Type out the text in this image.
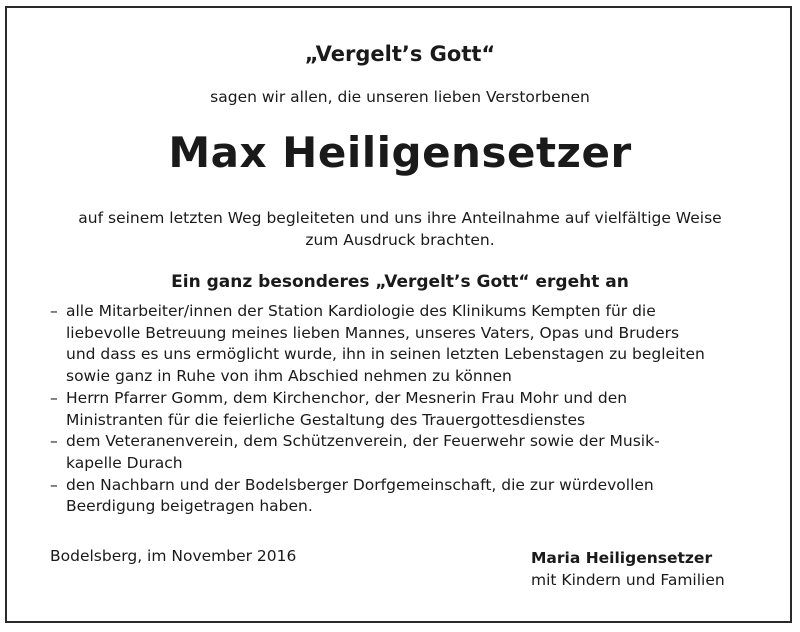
„Vergelt’s Gott“
sagen wir allen, die unseren lieben Verstorbenen
Max Heiligensetzer
auf seinem letzten Weg begleiteten und uns ihre Anteilnahme auf vielfältige Weise
zum Ausdruck brachten.
Ein ganz besonderes „Vergelt’s Gott“ ergeht an
– alle Mitarbeiter/innen der Station Kardiologie des Klinikums Kempten für die
liebevolle Betreuung meines lieben Mannes, unseres Vaters, Opas und Bruders
und dass es uns ermöglicht wurde, ihn in seinen letzten Lebenstagen zu begleiten
sowie ganz in Ruhe von ihm Abschied nehmen zu können
– Herrn Pfarrer Gomm, dem Kirchenchor, der Mesnerin Frau Mohr und den
Ministranten für die feierliche Gestaltung des Trauergottesdienstes
– dem Veteranenverein, dem Schützenverein, der Feuerwehr sowie der Musik-
kapelle Durach
– den Nachbarn und der Bodelsberger Dorfgemeinschaft, die zur würdevollen
Beerdigung beigetragen haben.
Bodelsberg, im November 2016	Maria Heiligensetzer
mit Kindern und Familien
